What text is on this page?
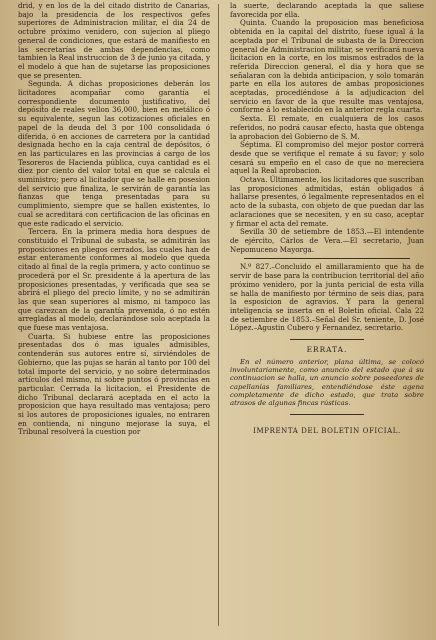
drid, y en los de la del citado distrito de Canarias, bajo la presidencia de los respectivos gefes superiores de Administracion militar, el dia 24 de octubre próximo venidero, con sujecion al pliego general de condiciones, que estará de manifiesto en las secretarías de ambas dependencias, como tambien la Real instruccion de 3 de junio ya citada, y el modelo á que han de sujetarse las proposiciones que se presenten.

Segunda. A dichas proposiciones deberán los licitadores acompañar como garantía el correspondiente documento justificativo, del depósito de reales vellon 36,000, bien en metálico ó su equivalente, segun las cotizaciones oficiales en papel de la deuda del 3 por 100 consolidada ó diferida, ó en acciones de carretera por la cantidad designada hecho en la caja central de depósitos, ó en las particulares en las provincias á cargo de los Tesoreros de Hacienda pública, cuya cantidad es el diez por ciento del valor total en que se calcula el suministro; pero al licitador que se halle en posesion del servicio que finaliza, le servirán de garantía las fianzas que tenga presentadas para su cumplimiento, siempre que se hallen existentes, lo cual se acreditará con certificacion de las oficinas en que este radicado el servicio.

Tercera. En la primera media hora despues de constituido el Tribunal de subasta, se admitirán las proposiciones en pliegos cerrados, las cuales han de estar enteramente conformes al modelo que queda citado al final de la regla primera, y acto continuo se procederá por el Sr. presidente á la apertura de las proposiciones presentadas, y verificada que sea se abrirá el pliego del precio límite, y no se admitirán las que sean superiores al mismo, ni tampoco las que carezcan de la garantía prevenida, ó no estén arregladas al modelo, declarándose solo aceptada la que fuese mas ventajosa.

Cuarta. Si hubiese entre las proposiciones presentadas dos ó mas iguales admisibles, contenderán sus autores entre sí, sirviéndoles de Gobierno, que las pujas se harán al tanto por 100 del total importe del servicio, y no sobre determinados artículos del mismo, ni sobre puntos ó provincias en particular. Cerrada la licitacion, el Presidente de dicho Tribunal declarará aceptada en el acto la proposicion que haya resultado mas ventajosa; pero si los autores de proposiciones iguales, no entraren en contienda, ni ninguno mejorase la suya, el Tribunal resolverá la cuestion por

la suerte, declarando aceptada la que saliese favorecida por ella.

Quinta. Cuando la proposicion mas beneficiosa obtenida en la capital del distrito, fuese igual á la aceptada por el Tribunal de subasta de la Direccion general de Administracion militar, se verificará nueva licitacion en la corte, en los mismos estrados de la referida Direccion general, el dia y hora que se señalaran con la debida anticipacion, y solo tomarán parte en ella los autores de ambas proposiciones aceptadas, procediéndose á la adjudicacion del servicio en favor de la que resulte mas ventajosa, conforme á lo establecido en la anterior regla cuarta.

Sexta. El remate, en cualquiera de los casos referidos, no podrá causar efecto, hasta que obtenga la aprobacion del Gobierno de S. M.

Séptima. El compromiso del mejor postor correrá desde que se verifique el remate á su favor; y solo cesará su empeño en el caso de que no mereciera aquel la Real aprobacion.

Octava. Últimamente, los licitadores que suscriban las proposiciones admitidas, están obligados á hallarse presentes, ó legalmente representados en el acto de la subasta, con objeto de que puedan dar las aclaraciones que se necesiten, y en su caso, aceptar y firmar el acta del remate.

Sevilla 30 de setiembre de 1853.—El intendente de ejército, Cárlos de Vera.—El secretario, Juan Nepomuceno Mayorga.

N.º 827.–Concluido el amillaramiento que ha de servir de base para la contribucion territorial del año próximo venidero, por la junta pericial de esta villa se halla de manifiesto por término de seis dias, para la esposicion de agravios. Y para la general inteligencia se inserta en el Boletin oficial. Cala 22 de setiembre de 1853.–Señal del Sr. teniente, D. José López.–Agustin Cubero y Fernandez, secretario.

ERRATA.

En el número anterior, plana última, se colocó involuntariamente, como anuncio del estado que á su continuacion se halla, un anuncio sobre poseedores de capellanías familiares, entendiéndose éste agena completamente de dicho estado, que trata sobre atrasos de algunas fincas rústicas.

IMPRENTA DEL BOLETIN OFICIAL.
